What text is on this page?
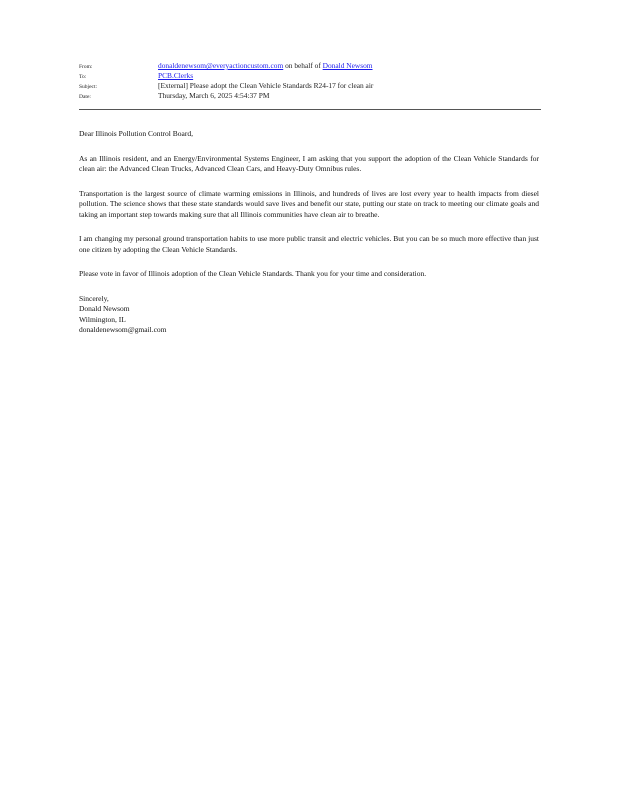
From:	donaldenewsom@everyactioncustom.com on behalf of Donald Newsom
To:	PCB.Clerks
Subject:	[External] Please adopt the Clean Vehicle Standards R24-17 for clean air
Date:	Thursday, March 6, 2025 4:54:37 PM

Dear Illinois Pollution Control Board,

As an Illinois resident, and an Energy/Environmental Systems Engineer, I am asking that you support the adoption of the Clean Vehicle Standards for clean air: the Advanced Clean Trucks, Advanced Clean Cars, and Heavy-Duty Omnibus rules.

Transportation is the largest source of climate warming emissions in Illinois, and hundreds of lives are lost every year to health impacts from diesel pollution. The science shows that these state standards would save lives and benefit our state, putting our state on track to meeting our climate goals and taking an important step towards making sure that all Illinois communities have clean air to breathe.

I am changing my personal ground transportation habits to use more public transit and electric vehicles. But you can be so much more effective than just one citizen by adopting the Clean Vehicle Standards.

Please vote in favor of Illinois adoption of the Clean Vehicle Standards. Thank you for your time and consideration.

Sincerely,
Donald Newsom
Wilmington, IL
donaldenewsom@gmail.com
